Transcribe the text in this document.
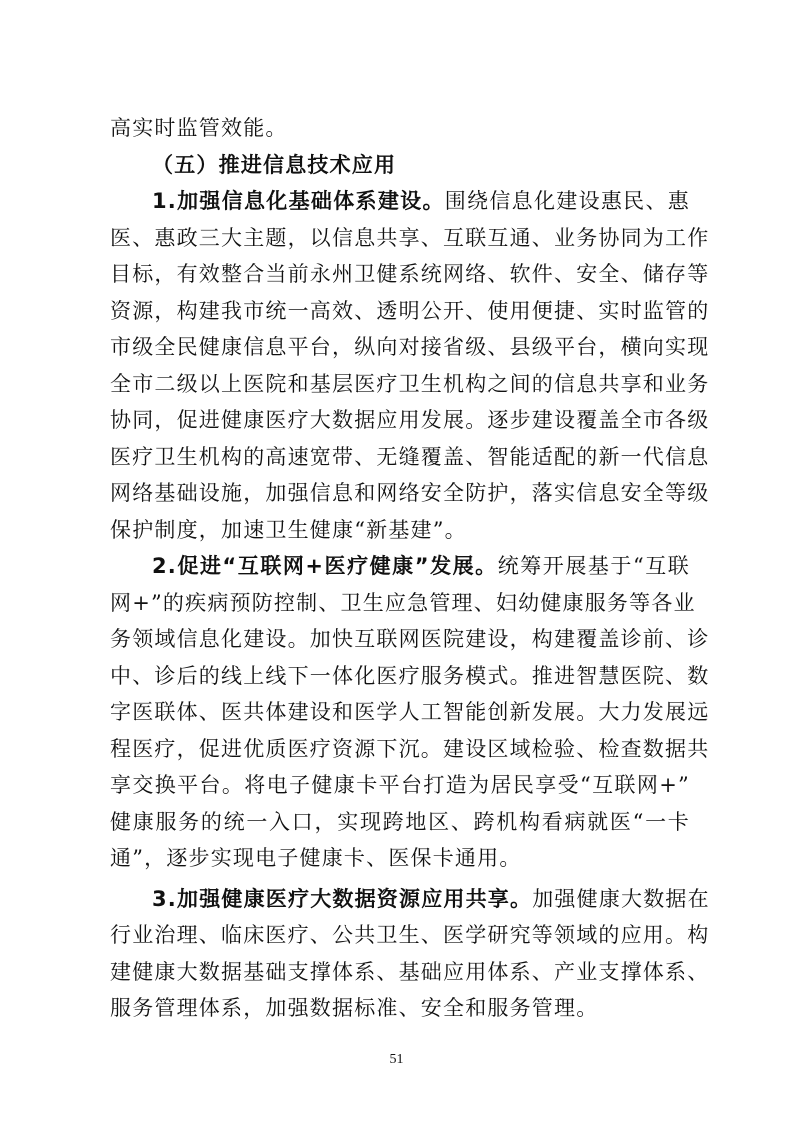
高实时监管效能。
（五）推进信息技术应用
1.加强信息化基础体系建设。围绕信息化建设惠民、惠
医、惠政三大主题，以信息共享、互联互通、业务协同为工作
目标，有效整合当前永州卫健系统网络、软件、安全、储存等
资源，构建我市统一高效、透明公开、使用便捷、实时监管的
市级全民健康信息平台，纵向对接省级、县级平台，横向实现
全市二级以上医院和基层医疗卫生机构之间的信息共享和业务
协同，促进健康医疗大数据应用发展。逐步建设覆盖全市各级
医疗卫生机构的高速宽带、无缝覆盖、智能适配的新一代信息
网络基础设施，加强信息和网络安全防护，落实信息安全等级
保护制度，加速卫生健康“新基建”。
2.促进“互联网+医疗健康”发展。统筹开展基于“互联
网+”的疾病预防控制、卫生应急管理、妇幼健康服务等各业
务领域信息化建设。加快互联网医院建设，构建覆盖诊前、诊
中、诊后的线上线下一体化医疗服务模式。推进智慧医院、数
字医联体、医共体建设和医学人工智能创新发展。大力发展远
程医疗，促进优质医疗资源下沉。建设区域检验、检查数据共
享交换平台。将电子健康卡平台打造为居民享受“互联网+”
健康服务的统一入口，实现跨地区、跨机构看病就医“一卡
通”，逐步实现电子健康卡、医保卡通用。
3.加强健康医疗大数据资源应用共享。加强健康大数据在
行业治理、临床医疗、公共卫生、医学研究等领域的应用。构
建健康大数据基础支撑体系、基础应用体系、产业支撑体系、
服务管理体系，加强数据标准、安全和服务管理。
51
